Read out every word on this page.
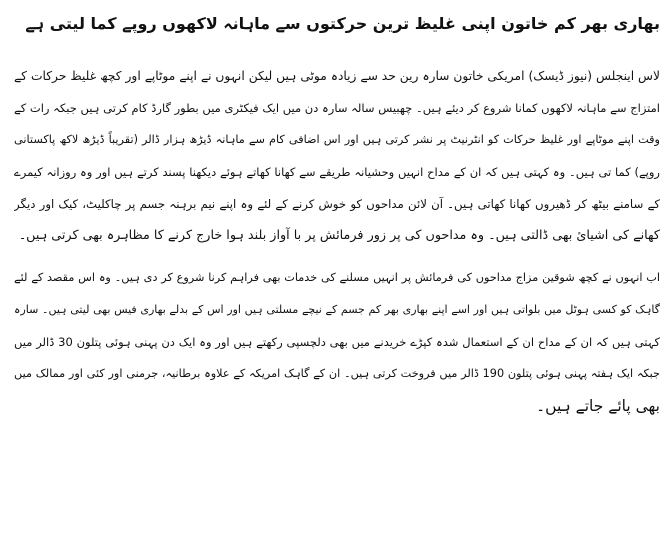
بھاری بھر کم خاتون اپنی غلیظ ترین حرکتوں سے ماہانہ لاکھوں روپے کما لیتی ہے
لاس اینجلس (نیوز ڈیسک) امریکی خاتون سارہ رین حد سے زیادہ موٹی ہیں لیکن انہوں نے اپنے موٹاپے اور کچھ غلیظ حرکات کے
امتزاج سے ماہانہ لاکھوں کمانا شروع کر دیئے ہیں۔ چھبیس سالہ سارہ دن میں ایک فیکٹری میں بطور گارڈ کام کرتی ہیں جبکہ رات کے
وقت اپنے موٹاپے اور غلیظ حرکات کو انٹرنیٹ پر نشر کرتی ہیں اور اس اضافی کام سے ماہانہ ڈیڑھ ہزار ڈالر (تقریباً ڈیڑھ لاکھ پاکستانی
روپے) کما تی ہیں۔ وہ کہتی ہیں کہ ان کے مداح انہیں وحشیانہ طریقے سے کھانا کھاتے ہوئے دیکھنا پسند کرتے ہیں اور وہ روزانہ کیمرے
کے سامنے بیٹھ کر ڈھیروں کھانا کھاتی ہیں۔ آن لائن مداحوں کو خوش کرنے کے لئے وہ اپنے نیم برہنہ جسم پر چاکلیٹ، کیک اور دیگر
کھانے کی اشیائ بھی ڈالتی ہیں۔ وہ مداحوں کی پر زور فرمائش پر با آواز بلند ہوا خارج کرنے کا مظاہرہ بھی کرتی ہیں۔
اب انہوں نے کچھ شوقین مزاج مداحوں کی فرمائش پر انہیں مسلنے کی خدمات بھی فراہم کرنا شروع کر دی ہیں۔ وہ اس مقصد کے لئے
گاہک کو کسی ہوٹل میں بلواتی ہیں اور اسے اپنے بھاری بھر کم جسم کے نیچے مسلتی ہیں اور اس کے بدلے بھاری فیس بھی لیتی ہیں۔ سارہ
کہتی ہیں کہ ان کے مداح ان کے استعمال شدہ کپڑے خریدنے میں بھی دلچسپی رکھتے ہیں اور وہ ایک دن پہنی ہوئی پتلون 30 ڈالر میں
جبکہ ایک ہفتہ پہنی ہوئی پتلون 190 ڈالر میں فروخت کرتی ہیں۔ ان کے گاہک امریکہ کے علاوہ برطانیہ، جرمنی اور کئی اور ممالک میں
بھی پائے جاتے ہیں۔
